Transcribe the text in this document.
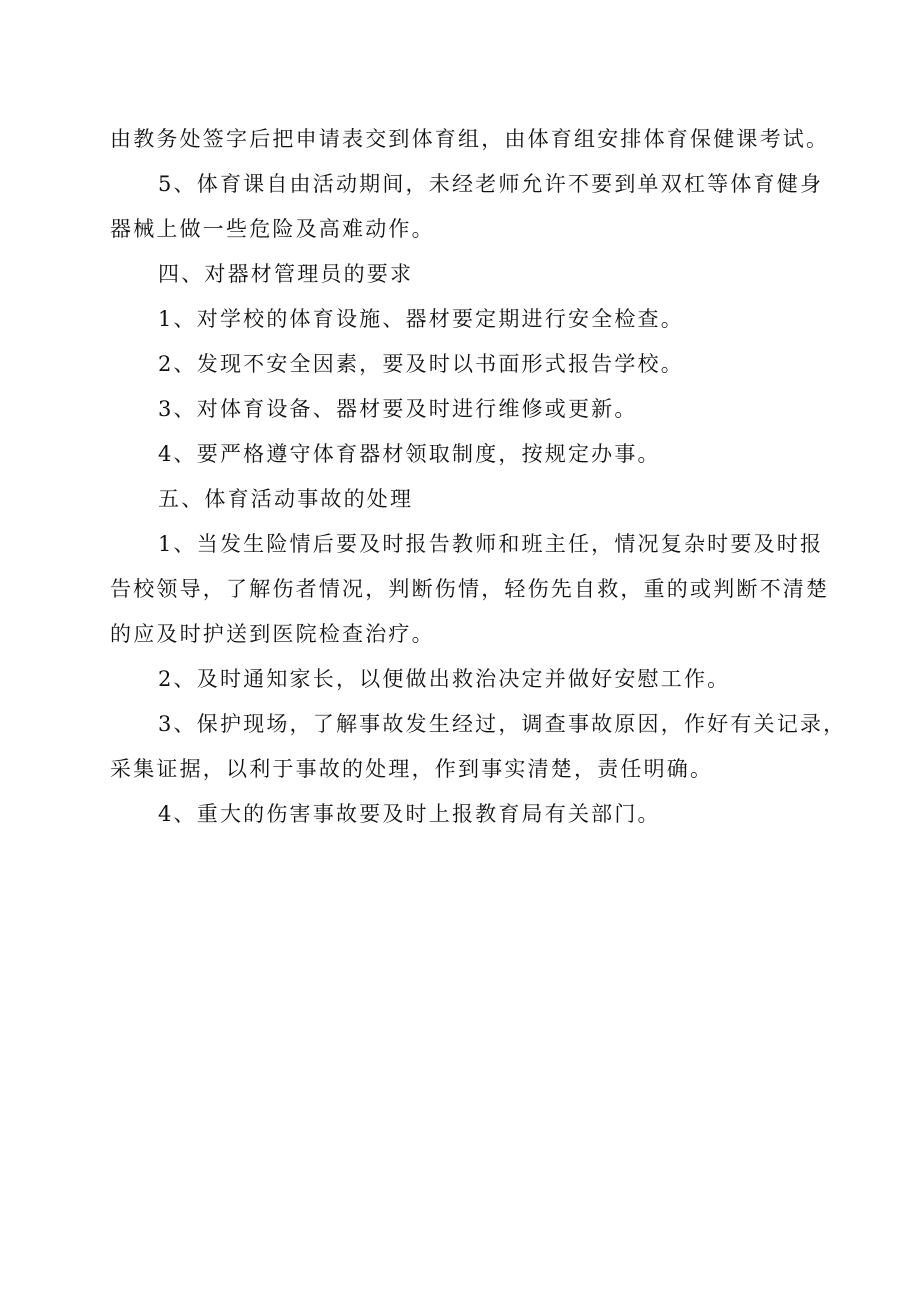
由教务处签字后把申请表交到体育组，由体育组安排体育保健课考试。
5、体育课自由活动期间，未经老师允许不要到单双杠等体育健身
器械上做一些危险及高难动作。
四、对器材管理员的要求
1、对学校的体育设施、器材要定期进行安全检查。
2、发现不安全因素，要及时以书面形式报告学校。
3、对体育设备、器材要及时进行维修或更新。
4、要严格遵守体育器材领取制度，按规定办事。
五、体育活动事故的处理
1、当发生险情后要及时报告教师和班主任，情况复杂时要及时报
告校领导，了解伤者情况，判断伤情，轻伤先自救，重的或判断不清楚
的应及时护送到医院检查治疗。
2、及时通知家长，以便做出救治决定并做好安慰工作。
3、保护现场，了解事故发生经过，调查事故原因，作好有关记录，
采集证据，以利于事故的处理，作到事实清楚，责任明确。
4、重大的伤害事故要及时上报教育局有关部门。
